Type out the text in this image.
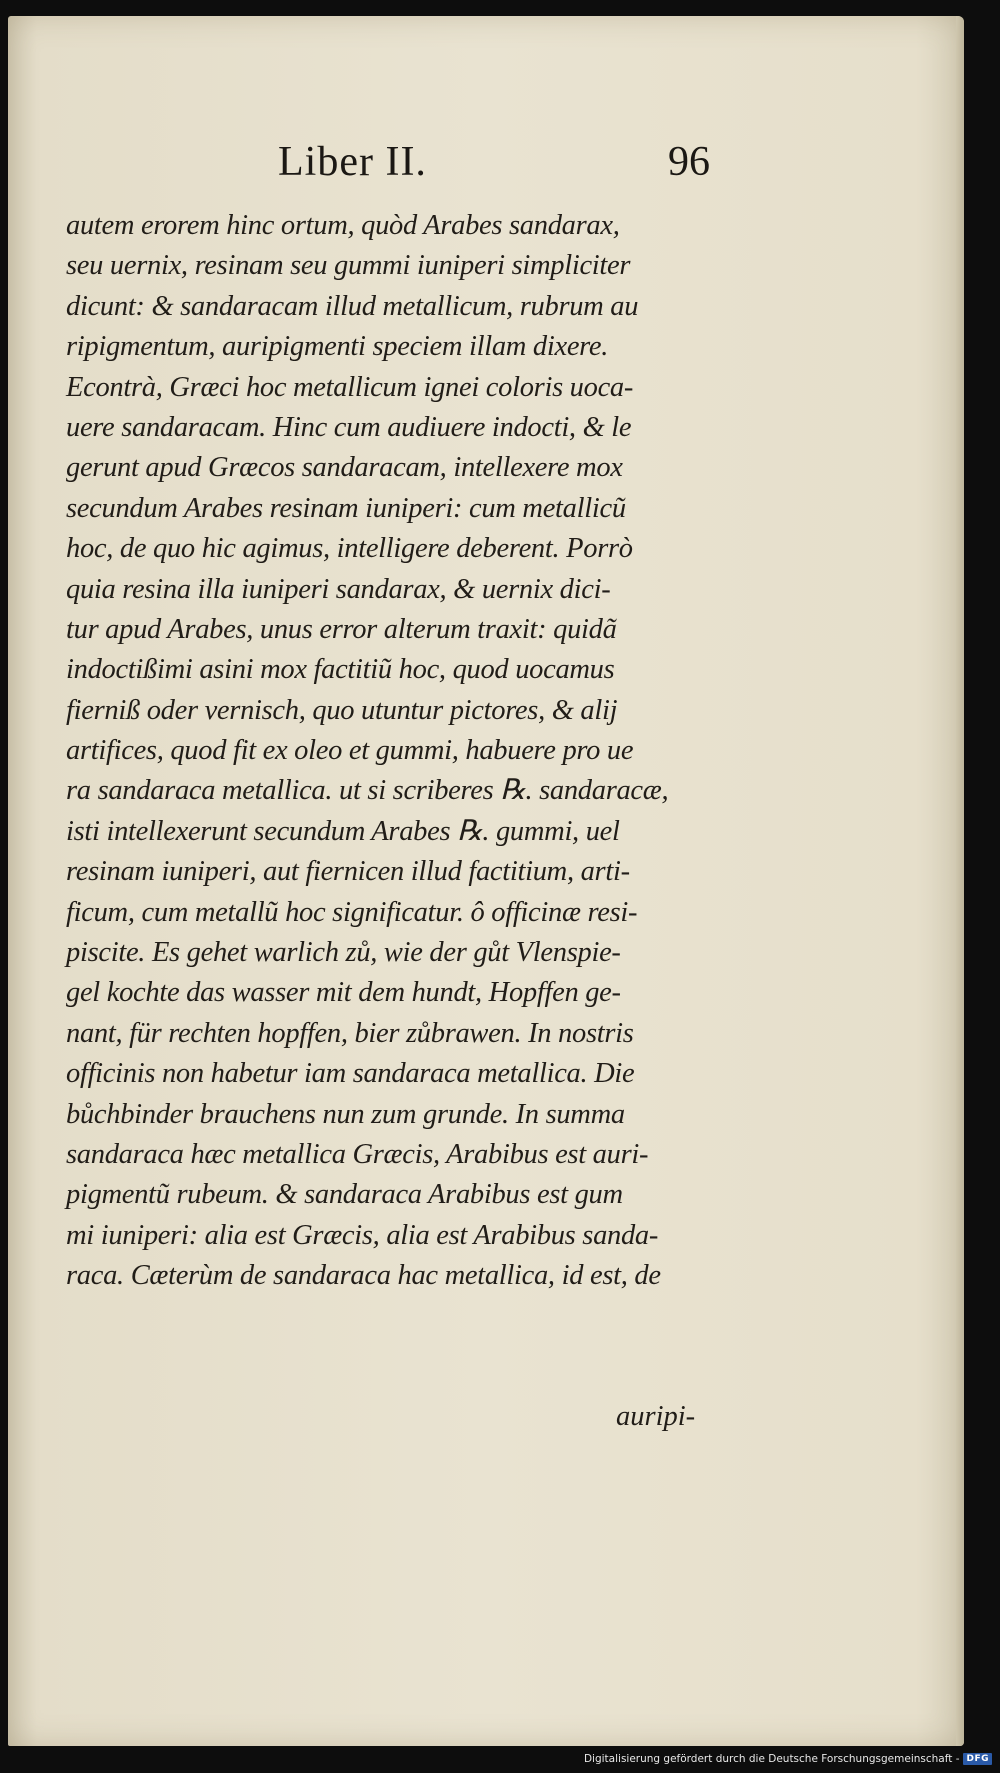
Liber II.	96
autem erorem hinc ortum, quòd Arabes sandarax,
seu uernix, resinam seu gummi iuniperi simpliciter
dicunt: & sandaracam illud metallicum, rubrum au
ripigmentum, auripigmenti speciem illam dixere.
Econtrà, Græci hoc metallicum ignei coloris uoca-
uere sandaracam. Hinc cum audiuere indocti, & le
gerunt apud Græcos sandaracam, intellexere mox
secundum Arabes resinam iuniperi: cum metallicũ
hoc, de quo hic agimus, intelligere deberent. Porrò
quia resina illa iuniperi sandarax, & uernix dici-
tur apud Arabes, unus error alterum traxit: quidã
indoctißimi asini mox factitiũ hoc, quod uocamus
fierniß oder vernisch, quo utuntur pictores, & alij
artifices, quod fit ex oleo et gummi, habuere pro ue
ra sandaraca metallica. ut si scriberes ℞. sandaracæ,
isti intellexerunt secundum Arabes ℞. gummi, uel
resinam iuniperi, aut fiernicen illud factitium, arti-
ficum, cum metallũ hoc significatur. ô officinæ resi-
piscite. Es gehet warlich zů, wie der gůt Vlenspie-
gel kochte das wasser mit dem hundt, Hopffen ge-
nant, für rechten hopffen, bier zůbrawen. In nostris
officinis non habetur iam sandaraca metallica. Die
bůchbinder brauchens nun zum grunde. In summa
sandaraca hæc metallica Græcis, Arabibus est auri-
pigmentũ rubeum. & sandaraca Arabibus est gum
mi iuniperi: alia est Græcis, alia est Arabibus sanda-
raca. Cæterùm de sandaraca hac metallica, id est, de
auripi-
Digitalisierung gefördert durch die Deutsche Forschungsgemeinschaft - DFG
